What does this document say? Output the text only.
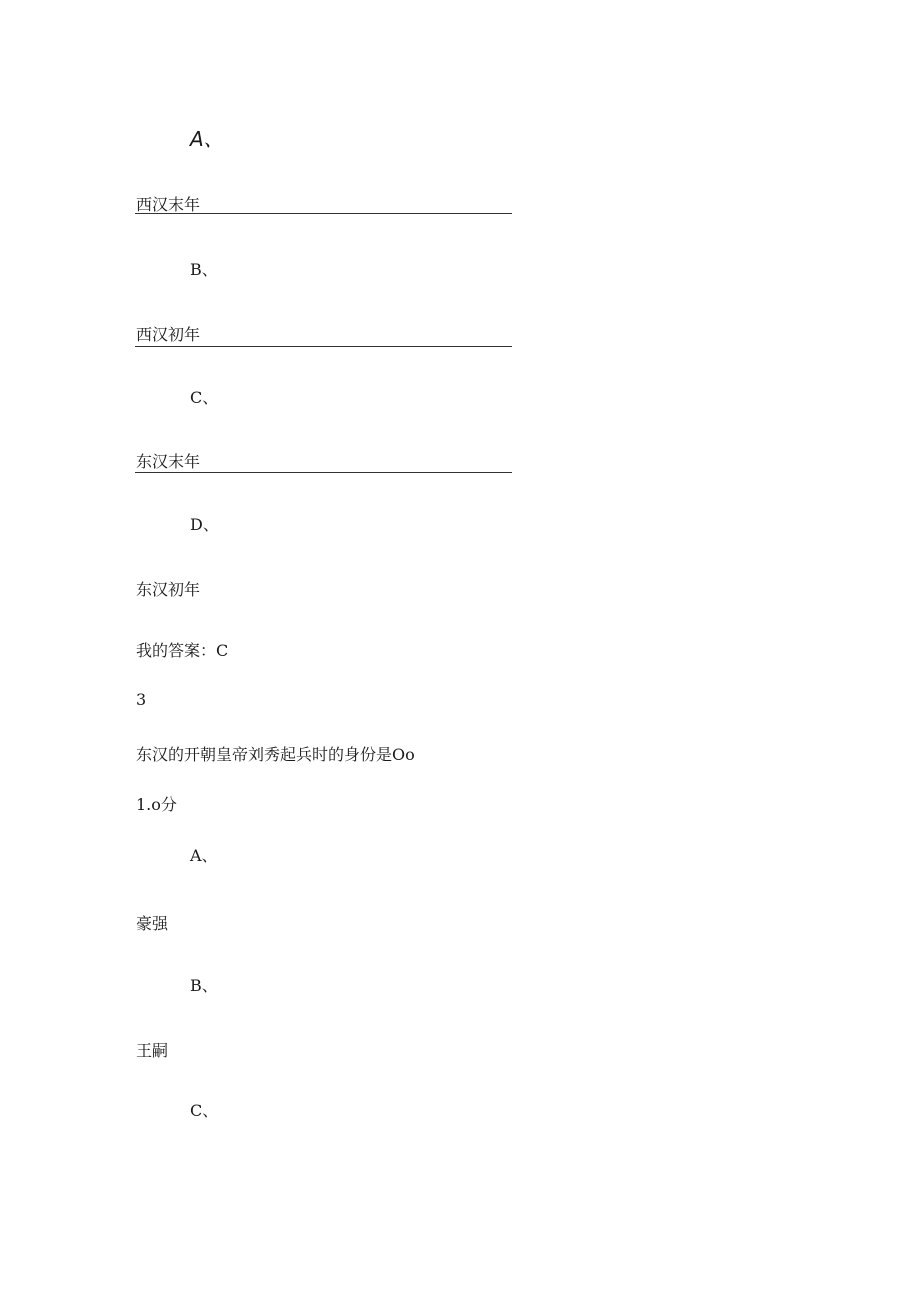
A、
西汉末年
B、
西汉初年
C、
东汉末年
D、
东汉初年
我的答案：C
3
东汉的开朝皇帝刘秀起兵时的身份是Oo
1.o分
A、
豪强
B、
王嗣
C、
